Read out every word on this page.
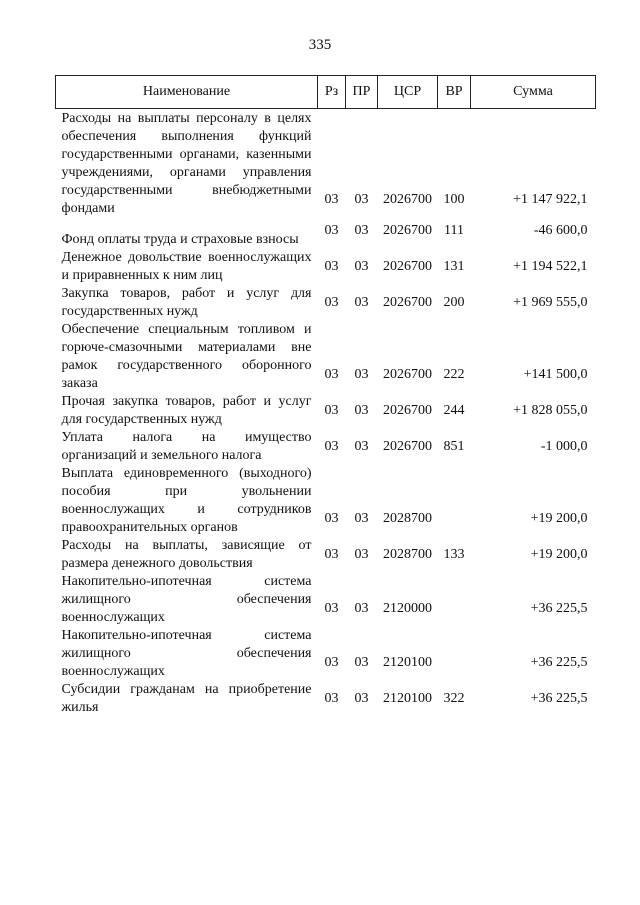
335
Наименование	Рз	ПР	ЦСР	ВР	Сумма
Расходы на выплаты персоналу в целях обеспечения выполнения функций государственными органами, казенными учреждениями, органами управления государственными внебюджетными фондами	03	03	2026700	100	+1 147 922,1
Фонд оплаты труда и страховые взносы	03	03	2026700	111	-46 600,0
Денежное довольствие военнослужащих и приравненных к ним лиц	03	03	2026700	131	+1 194 522,1
Закупка товаров, работ и услуг для государственных нужд	03	03	2026700	200	+1 969 555,0
Обеспечение специальным топливом и горюче-смазочными материалами вне рамок государственного оборонного заказа	03	03	2026700	222	+141 500,0
Прочая закупка товаров, работ и услуг для государственных нужд	03	03	2026700	244	+1 828 055,0
Уплата налога на имущество организаций и земельного налога	03	03	2026700	851	-1 000,0
Выплата единовременного (выходного) пособия при увольнении военнослужащих и сотрудников правоохранительных органов	03	03	2028700		+19 200,0
Расходы на выплаты, зависящие от размера денежного довольствия	03	03	2028700	133	+19 200,0
Накопительно-ипотечная система жилищного обеспечения военнослужащих	03	03	2120000		+36 225,5
Накопительно-ипотечная система жилищного обеспечения военнослужащих	03	03	2120100		+36 225,5
Субсидии гражданам на приобретение жилья	03	03	2120100	322	+36 225,5
